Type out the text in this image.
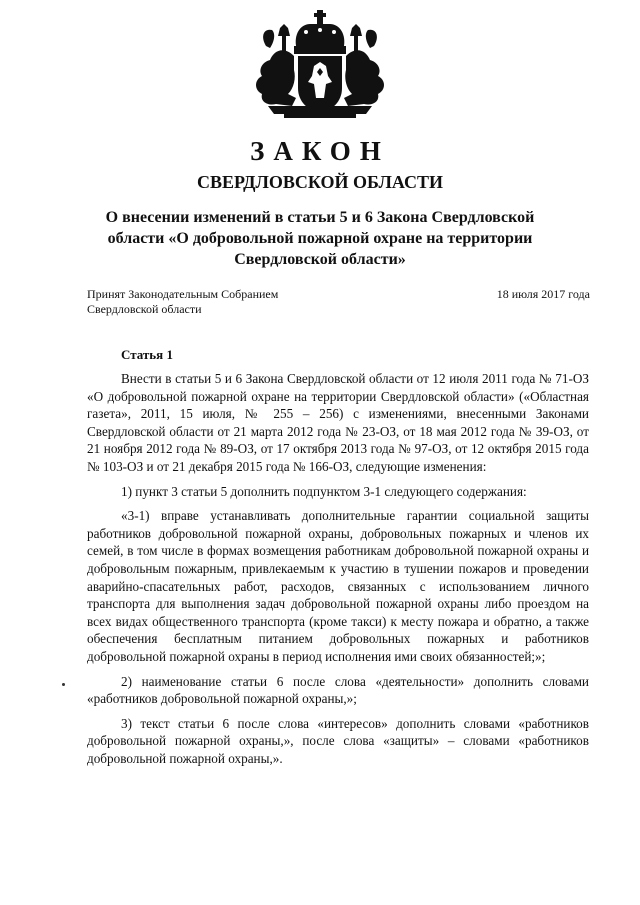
ЗАКОН
СВЕРДЛОВСКОЙ ОБЛАСТИ
О внесении изменений в статьи 5 и 6 Закона Свердловской области «О добровольной пожарной охране на территории Свердловской области»
Принят Законодательным Собранием
Свердловской области
18 июля 2017 года
Статья 1

Внести в статьи 5 и 6 Закона Свердловской области от 12 июля 2011 года № 71-ОЗ «О добровольной пожарной охране на территории Свердловской области» («Областная газета», 2011, 15 июля, № 255 – 256) с изменениями, внесенными Законами Свердловской области от 21 марта 2012 года № 23-ОЗ, от 18 мая 2012 года № 39-ОЗ, от 21 ноября 2012 года № 89-ОЗ, от 17 октября 2013 года № 97-ОЗ, от 12 октября 2015 года № 103-ОЗ и от 21 декабря 2015 года № 166-ОЗ, следующие изменения:

1) пункт 3 статьи 5 дополнить подпунктом 3-1 следующего содержания:

«3-1) вправе устанавливать дополнительные гарантии социальной защиты работников добровольной пожарной охраны, добровольных пожарных и членов их семей, в том числе в формах возмещения работникам добровольной пожарной охраны и добровольным пожарным, привлекаемым к участию в тушении пожаров и проведении аварийно-спасательных работ, расходов, связанных с использованием личного транспорта для выполнения задач добровольной пожарной охраны либо проездом на всех видах общественного транспорта (кроме такси) к месту пожара и обратно, а также обеспечения бесплатным питанием добровольных пожарных и работников добровольной пожарной охраны в период исполнения ими своих обязанностей;»;

2) наименование статьи 6 после слова «деятельности» дополнить словами «работников добровольной пожарной охраны,»;

3) текст статьи 6 после слова «интересов» дополнить словами «работников добровольной пожарной охраны,», после слова «защиты» – словами «работников добровольной пожарной охраны,».
